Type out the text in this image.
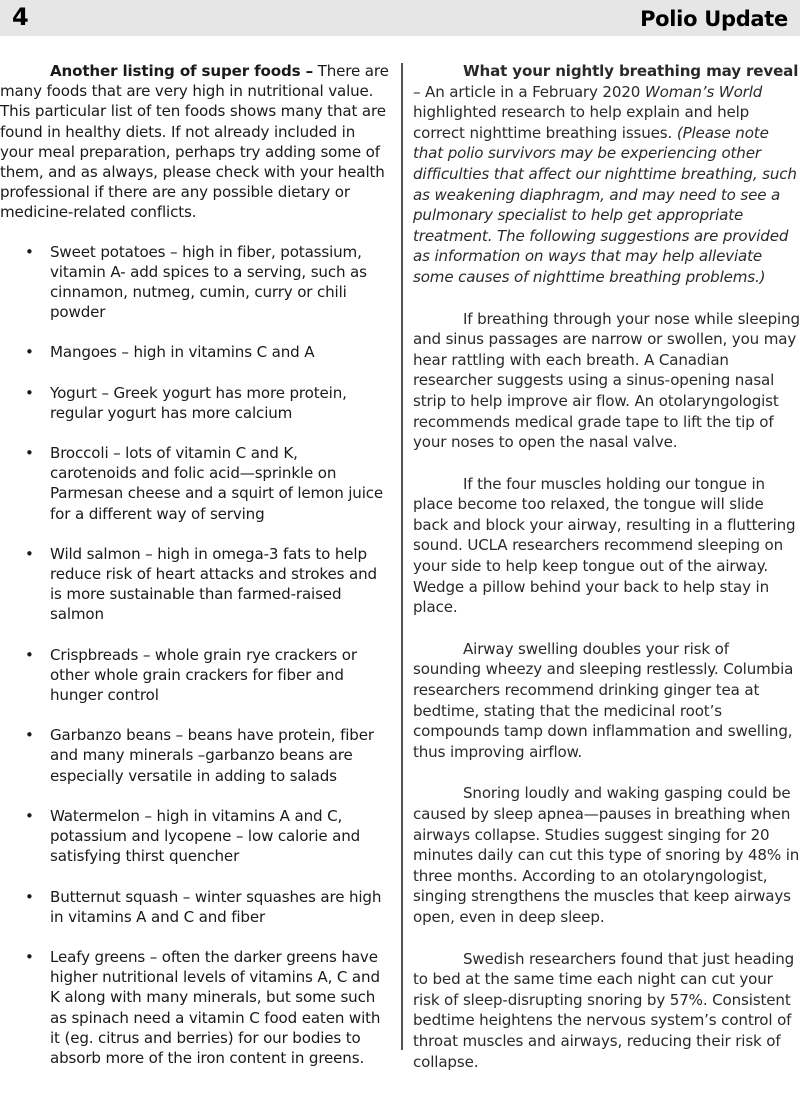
4	Polio Update

Another listing of super foods – There are many foods that are very high in nutritional value. This particular list of ten foods shows many that are found in healthy diets. If not already included in your meal preparation, perhaps try adding some of them, and as always, please check with your health professional if there are any possible dietary or medicine-related conflicts.

• Sweet potatoes – high in fiber, potassium, vitamin A- add spices to a serving, such as cinnamon, nutmeg, cumin, curry or chili powder
• Mangoes – high in vitamins C and A
• Yogurt – Greek yogurt has more protein, regular yogurt has more calcium
• Broccoli – lots of vitamin C and K, carotenoids and folic acid—sprinkle on Parmesan cheese and a squirt of lemon juice for a different way of serving
• Wild salmon – high in omega-3 fats to help reduce risk of heart attacks and strokes and is more sustainable than farmed-raised salmon
• Crispbreads – whole grain rye crackers or other whole grain crackers for fiber and hunger control
• Garbanzo beans – beans have protein, fiber and many minerals –garbanzo beans are especially versatile in adding to salads
• Watermelon – high in vitamins A and C, potassium and lycopene – low calorie and satisfying thirst quencher
• Butternut squash – winter squashes are high in vitamins A and C and fiber
• Leafy greens – often the darker greens have higher nutritional levels of vitamins A, C and K along with many minerals, but some such as spinach need a vitamin C food eaten with it (eg. citrus and berries) for our bodies to absorb more of the iron content in greens.

What your nightly breathing may reveal – An article in a February 2020 Woman’s World highlighted research to help explain and help correct nighttime breathing issues. (Please note that polio survivors may be experiencing other difficulties that affect our nighttime breathing, such as weakening diaphragm, and may need to see a pulmonary specialist to help get appropriate treatment. The following suggestions are provided as information on ways that may help alleviate some causes of nighttime breathing problems.)

If breathing through your nose while sleeping and sinus passages are narrow or swollen, you may hear rattling with each breath. A Canadian researcher suggests using a sinus-opening nasal strip to help improve air flow. An otolaryngologist recommends medical grade tape to lift the tip of your noses to open the nasal valve.

If the four muscles holding our tongue in place become too relaxed, the tongue will slide back and block your airway, resulting in a fluttering sound. UCLA researchers recommend sleeping on your side to help keep tongue out of the airway. Wedge a pillow behind your back to help stay in place.

Airway swelling doubles your risk of sounding wheezy and sleeping restlessly. Columbia researchers recommend drinking ginger tea at bedtime, stating that the medicinal root’s compounds tamp down inflammation and swelling, thus improving airflow.

Snoring loudly and waking gasping could be caused by sleep apnea—pauses in breathing when airways collapse. Studies suggest singing for 20 minutes daily can cut this type of snoring by 48% in three months. According to an otolaryngologist, singing strengthens the muscles that keep airways open, even in deep sleep.

Swedish researchers found that just heading to bed at the same time each night can cut your risk of sleep-disrupting snoring by 57%. Consistent bedtime heightens the nervous system’s control of throat muscles and airways, reducing their risk of collapse.
